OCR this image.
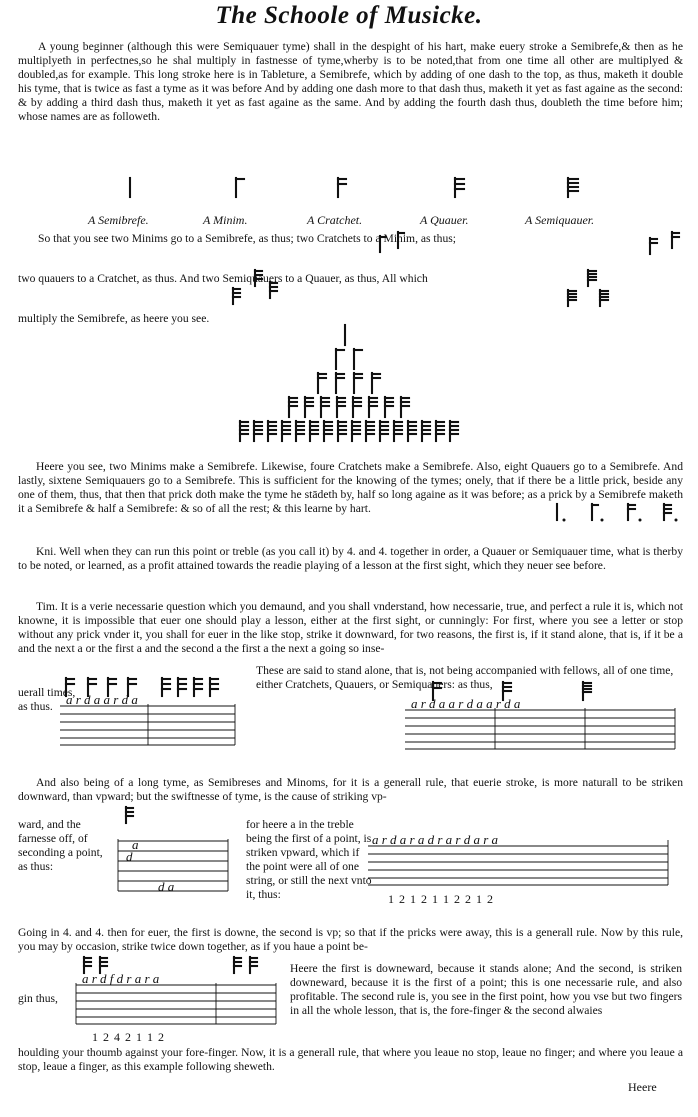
The Schoole of Musicke.

A young beginner (although this were Semiquauer tyme) shall in the despight of his hart, make euery stroke a Semibrefe,& then as he multiplyeth in perfectnes,so he shal multiply in fastnesse of tyme,wherby is to be noted,that from one time all other are multiplyed & doubled,as for example. This long stroke here is in Tableture, a Semibrefe, which by adding of one dash to the top, as thus, maketh it double his tyme, that is twice as fast a tyme as it was before And by adding one dash more to that dash thus, maketh it yet as fast againe as the second: & by adding a third dash thus, maketh it yet as fast againe as the same. And by adding the fourth dash thus, doubleth the time before him; whose names are as followeth.

A Semibrefe.	A Minim.	A Cratchet.	A Quauer.	A Semiquauer.
So that you see two Minims go to a Semibrefe, as thus; two Cratchets to a Minim, as thus;
two quauers to a Cratchet, as thus. And two Semiquauers to a Quauer, as thus, All which
multiply the Semibrefe, as heere you see.

Heere you see, two Minims make a Semibrefe. Likewise, foure Cratchets make a Semibrefe. Also, eight Quauers go to a Semibrefe. And lastly, sixtene Semiquauers go to a Semibrefe. This is sufficient for the knowing of the tymes; onely, that if there be a little prick, beside any one of them, thus, that then that prick doth make the tyme he stādeth by, half so long againe as it was before; as a prick by a Semibrefe maketh it a Semibrefe & half a Semibrefe: & so of all the rest; & this learne by hart.

Kni. Well when they can run this point or treble (as you call it) by 4. and 4. together in order, a Quauer or Semiquauer time, what is therby to be noted, or learned, as a profit attained towards the readie playing of a lesson at the first sight, which they neuer see before.

Tim. It is a verie necessarie question which you demaund, and you shall vnderstand, how necessarie, true, and perfect a rule it is, which not knowne, it is impossible that euer one should play a lesson, either at the first sight, or cunningly: For first, where you see a letter or stop without any prick vnder it, you shall for euer in the like stop, strike it downward, for two reasons, the first is, if it stand alone, that is, if it be a and the next a or the first a and the second a the first a the next a going so inse-

uerall times, as thus.
These are said to stand alone, that is, not being accompanied with fellows, all of one time, either Cratchets, Quauers, or Semiquauers: as thus,
a r d a a r d a	a r d a a r d a a r d a

And also being of a long tyme, as Semibreses and Minoms, for it is a generall rule, that euerie stroke, is more naturall to be striken downward, than vpward; but the swiftnesse of tyme, is the cause of striking vp-

ward, and the farnesse off, of seconding a point, as thus:
a
d
d a
for heere a in the treble being the first of a point, is striken vpward, which if the point were all of one string, or still the next vnto it, thus:
a r d a r a d r a r d a r a
1 2 1 2 1 1 2 2 1 2

Going in 4. and 4. then for euer, the first is downe, the second is vp; so that if the pricks were away, this is a generall rule. Now by this rule, you may by occasion, strike twice down together, as if you haue a point be-

gin thus,
a r d f d r a r a
1 2 4 2 1 1 2
Heere the first is downeward, because it stands alone; And the second, is striken downeward, because it is the first of a point; this is one necessarie rule, and also profitable. The second rule is, you see in the first point, how you vse but two fingers in all the whole lesson, that is, the fore-finger & the second alwaies

houlding your thoumb against your fore-finger. Now, it is a generall rule, that where you leaue no stop, leaue no finger; and where you leaue a stop, leaue a finger, as this example following sheweth.

Heere
